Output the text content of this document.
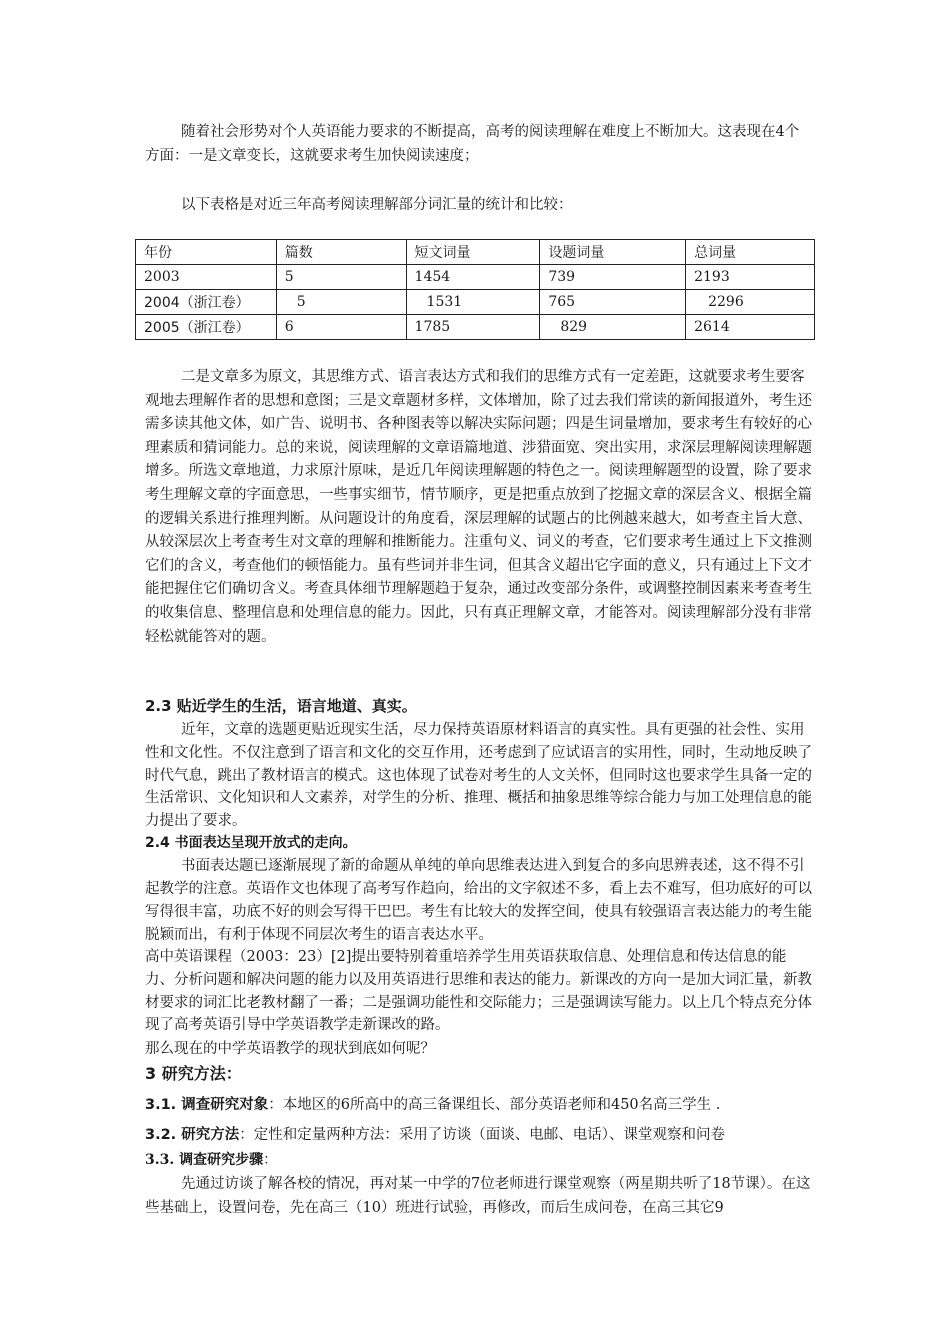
随着社会形势对个人英语能力要求的不断提高，高考的阅读理解在难度上不断加大。这表现在4个方面：一是文章变长，这就要求考生加快阅读速度；

以下表格是对近三年高考阅读理解部分词汇量的统计和比较：

年份	篇数	短文词量	设题词量	总词量
2003	5	1454	739	2193
2004（浙江卷）	5	1531	765	2296
2005（浙江卷）	6	1785	829	2614

二是文章多为原文，其思维方式、语言表达方式和我们的思维方式有一定差距，这就要求考生要客观地去理解作者的思想和意图；三是文章题材多样，文体增加，除了过去我们常读的新闻报道外，考生还需多读其他文体，如广告、说明书、各种图表等以解决实际问题；四是生词量增加，要求考生有较好的心理素质和猜词能力。总的来说，阅读理解的文章语篇地道、涉猎面宽、突出实用，求深层理解阅读理解题增多。所选文章地道，力求原汁原味，是近几年阅读理解题的特色之一。阅读理解题型的设置，除了要求考生理解文章的字面意思，一些事实细节，情节顺序，更是把重点放到了挖掘文章的深层含义、根据全篇的逻辑关系进行推理判断。从问题设计的角度看，深层理解的试题占的比例越来越大，如考查主旨大意、从较深层次上考查考生对文章的理解和推断能力。注重句义、词义的考查，它们要求考生通过上下文推测它们的含义，考查他们的顿悟能力。虽有些词并非生词，但其含义超出它字面的意义，只有通过上下文才能把握住它们确切含义。考查具体细节理解题趋于复杂，通过改变部分条件，或调整控制因素来考查考生的收集信息、整理信息和处理信息的能力。因此，只有真正理解文章，才能答对。阅读理解部分没有非常轻松就能答对的题。

2.3 贴近学生的生活，语言地道、真实。

近年，文章的选题更贴近现实生活，尽力保持英语原材料语言的真实性。具有更强的社会性、实用性和文化性。不仅注意到了语言和文化的交互作用，还考虑到了应试语言的实用性，同时，生动地反映了时代气息，跳出了教材语言的模式。这也体现了试卷对考生的人文关怀，但同时这也要求学生具备一定的生活常识、文化知识和人文素养，对学生的分析、推理、概括和抽象思维等综合能力与加工处理信息的能力提出了要求。

2.4 书面表达呈现开放式的走向。

书面表达题已逐渐展现了新的命题从单纯的单向思维表达进入到复合的多向思辨表述，这不得不引起教学的注意。英语作文也体现了高考写作趋向，给出的文字叙述不多，看上去不难写，但功底好的可以写得很丰富，功底不好的则会写得干巴巴。考生有比较大的发挥空间，使具有较强语言表达能力的考生能脱颖而出，有利于体现不同层次考生的语言表达水平。

高中英语课程（2003：23）[2]提出要特别着重培养学生用英语获取信息、处理信息和传达信息的能力、分析问题和解决问题的能力以及用英语进行思维和表达的能力。新课改的方向一是加大词汇量，新教材要求的词汇比老教材翻了一番；二是强调功能性和交际能力；三是强调读写能力。以上几个特点充分体现了高考英语引导中学英语教学走新课改的路。

那么现在的中学英语教学的现状到底如何呢？

3 研究方法：

3.1. 调查研究对象：本地区的6所高中的高三备课组长、部分英语老师和450名高三学生 .

3.2. 研究方法：定性和定量两种方法：采用了访谈（面谈、电邮、电话）、课堂观察和问卷

3.3. 调查研究步骤：

先通过访谈了解各校的情况，再对某一中学的7位老师进行课堂观察（两星期共听了18节课）。在这些基础上，设置问卷，先在高三（10）班进行试验，再修改，而后生成问卷，在高三其它9
